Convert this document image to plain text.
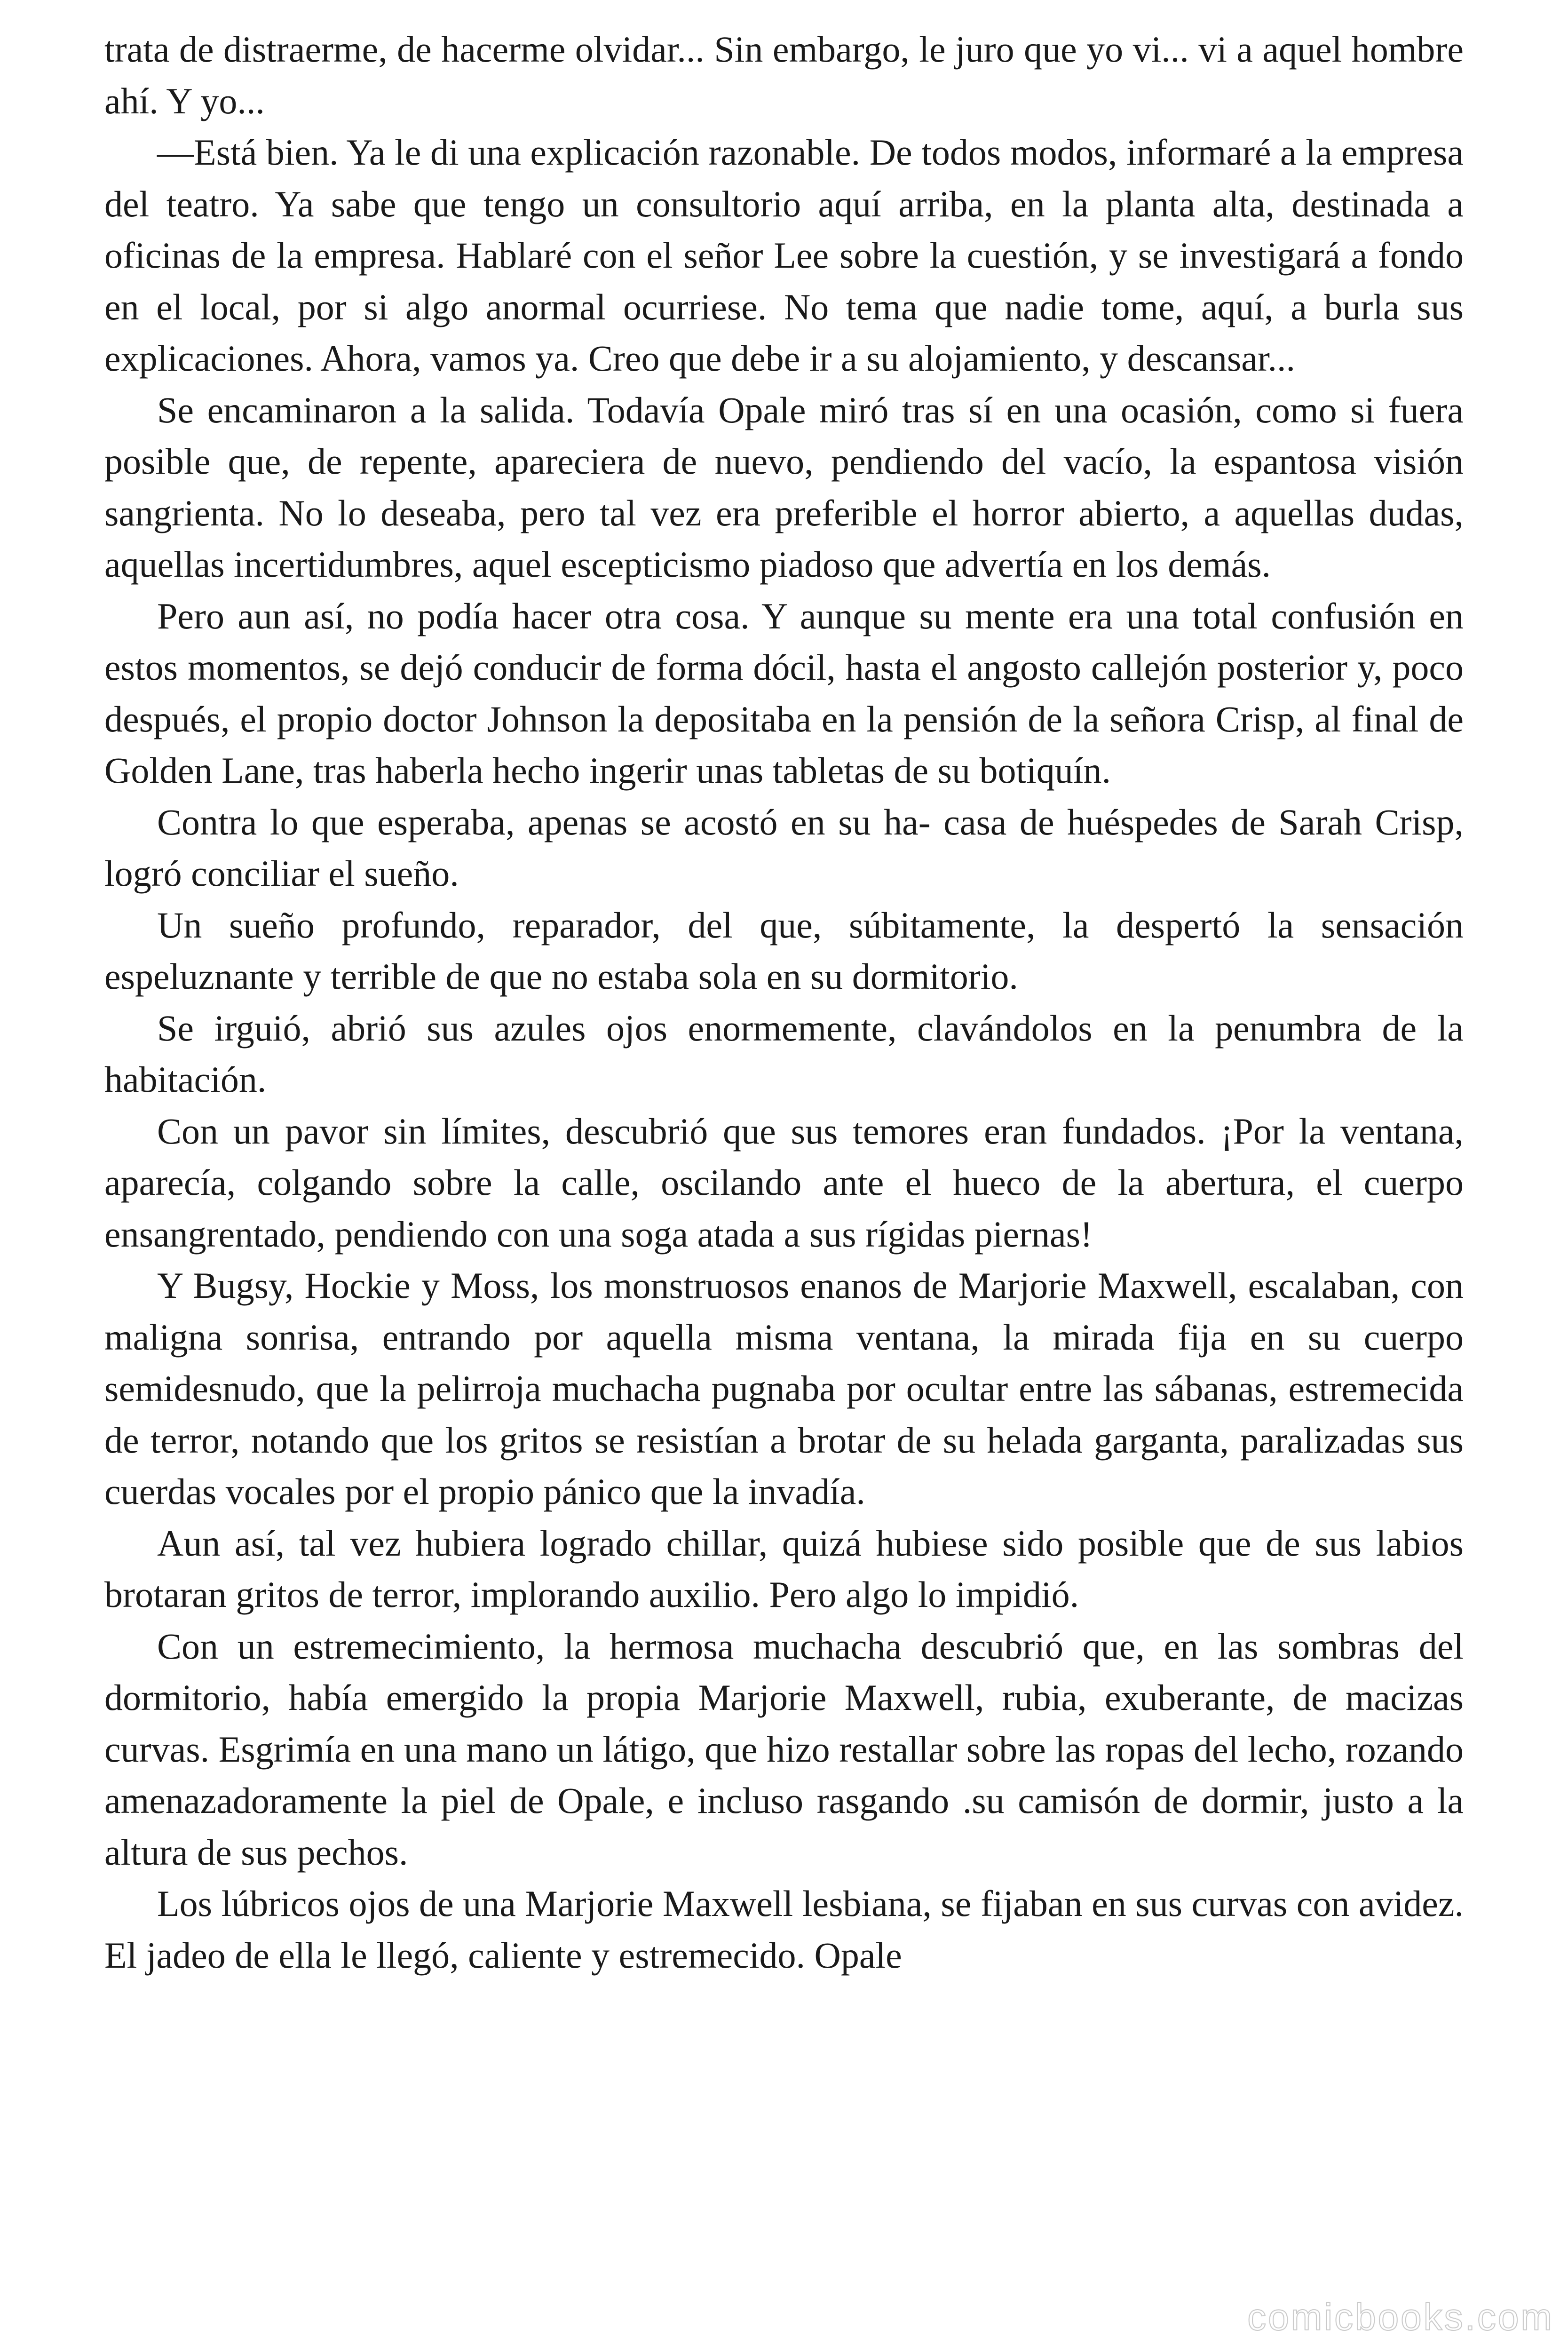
trata de distraerme, de hacerme olvidar... Sin embargo, le juro que yo vi... vi a aquel hombre ahí. Y yo...

—Está bien. Ya le di una explicación razonable. De todos modos, informaré a la empresa del teatro. Ya sabe que tengo un consultorio aquí arriba, en la planta alta, destinada a oficinas de la empresa. Hablaré con el señor Lee sobre la cuestión, y se investigará a fondo en el local, por si algo anormal ocurriese. No tema que nadie tome, aquí, a burla sus explicaciones. Ahora, vamos ya. Creo que debe ir a su alojamiento, y descansar...

Se encaminaron a la salida. Todavía Opale miró tras sí en una ocasión, como si fuera posible que, de repente, apareciera de nuevo, pendiendo del vacío, la espantosa visión sangrienta. No lo deseaba, pero tal vez era preferible el horror abierto, a aquellas dudas, aquellas incertidumbres, aquel escepticismo piadoso que advertía en los demás.

Pero aun así, no podía hacer otra cosa. Y aunque su mente era una total confusión en estos momentos, se dejó conducir de forma dócil, hasta el angosto callejón posterior y, poco después, el propio doctor Johnson la depositaba en la pensión de la señora Crisp, al final de Golden Lane, tras haberla hecho ingerir unas tabletas de su botiquín.

Contra lo que esperaba, apenas se acostó en su ha- casa de huéspedes de Sarah Crisp, logró conciliar el sueño.

Un sueño profundo, reparador, del que, súbitamente, la despertó la sensación espeluznante y terrible de que no estaba sola en su dormitorio.

Se irguió, abrió sus azules ojos enormemente, clavándolos en la penumbra de la habitación.

Con un pavor sin límites, descubrió que sus temores eran fundados. ¡Por la ventana, aparecía, colgando sobre la calle, oscilando ante el hueco de la abertura, el cuerpo ensangrentado, pendiendo con una soga atada a sus rígidas piernas!

Y Bugsy, Hockie y Moss, los monstruosos enanos de Marjorie Maxwell, escalaban, con maligna sonrisa, entrando por aquella misma ventana, la mirada fija en su cuerpo semidesnudo, que la pelirroja muchacha pugnaba por ocultar entre las sábanas, estremecida de terror, notando que los gritos se resistían a brotar de su helada garganta, paralizadas sus cuerdas vocales por el propio pánico que la invadía.

Aun así, tal vez hubiera logrado chillar, quizá hubiese sido posible que de sus labios brotaran gritos de terror, implorando auxilio. Pero algo lo impidió.

Con un estremecimiento, la hermosa muchacha descubrió que, en las sombras del dormitorio, había emergido la propia Marjorie Maxwell, rubia, exuberante, de macizas curvas. Esgrimía en una mano un látigo, que hizo restallar sobre las ropas del lecho, rozando amenazadoramente la piel de Opale, e incluso rasgando .su camisón de dormir, justo a la altura de sus pechos.

Los lúbricos ojos de una Marjorie Maxwell lesbiana, se fijaban en sus curvas con avidez. El jadeo de ella le llegó, caliente y estremecido. Opale

comicbooks.com
